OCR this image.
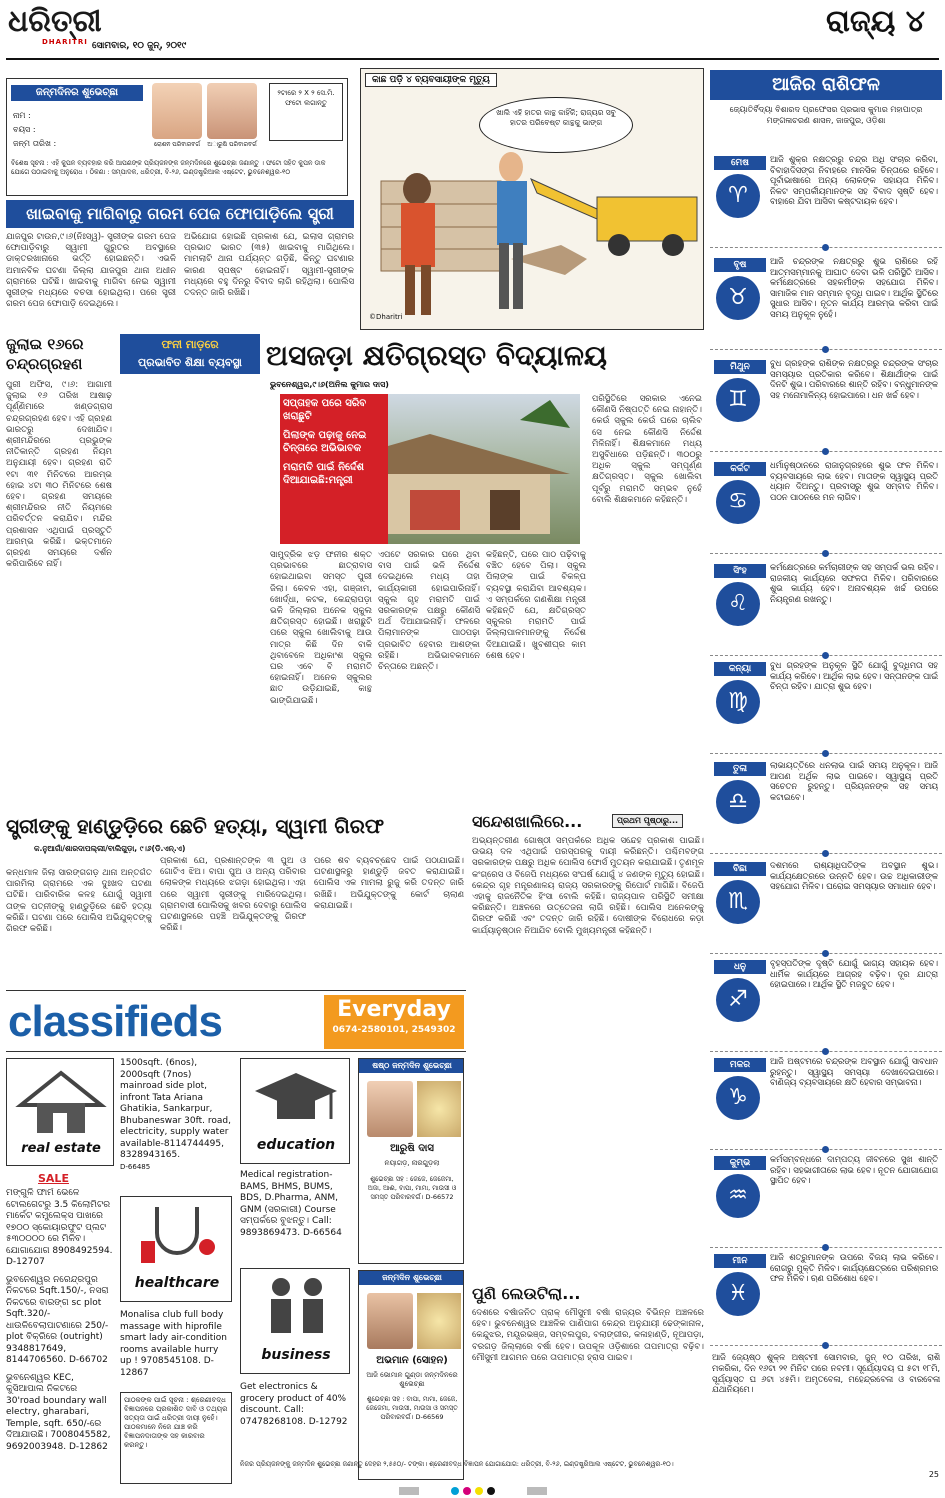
ଧରିତ୍ରୀ
DHARITRI ସୋମବାର, ୧୦ ଜୁନ୍, ୨୦୧୯
ରାଜ୍ୟ ୪
ଜନ୍ମଦିନର ଶୁଭେଚ୍ଛା
ନାମ :
ବୟସ :
ଜନ୍ମ ତାରିଖ :	ରୋଶନ ପରିବାରବର୍ଗ	ଅାରୁଷି ପରିବାରବର୍ଗ
୨ଟାରେ ୨ X ୨ ସେ.ମି. ଫଟୋ ଲଗାନ୍ତୁ
ବିଶେଷ ସୂଚନା : ଏହି କୁପନ ବ୍ୟବହାର କରି ଆପଣଙ୍କ ପ୍ରିୟଜନଙ୍କ ଜନ୍ମଦିନରେ ଶୁଭେଚ୍ଛା ଜଣାନ୍ତୁ । ଫଟୋ ସହିତ କୁପନ ଡାକ ଯୋଗେ ପଠାଇବାକୁ ଅନୁରୋଧ । ଠିକଣା : ସମ୍ପାଦକ, ଧରିତ୍ରୀ, ବି-୨୬, ଇଣ୍ଡଷ୍ଟ୍ରିଆଲ ଏଷ୍ଟେଟ, ଭୁବନେଶ୍ୱର-୧୦
କାଛ ପଡ଼ି ୪ ବ୍ୟବସାୟୀଙ୍କ ମୃତ୍ୟୁ
ଖାଲି ଏହି ହାତର କାନ୍ଥ କାହିଁକି; ରାଜ୍ୟର ସବୁ ହାତର ପରିବେଷ୍ଟ କାନ୍ଥକୁ ଭାଙ୍ଗ
©Dharitri
ଖାଇବାକୁ ମାଗିବାରୁ ଗରମ ପେଜ ଫୋପାଡ଼ିଲେ ସ୍ତ୍ରୀ
ଯାଜପୁର ଟାଉନ,୯।୬(ନିଃସ୍ୱ)- ସ୍ତ୍ରୀଙ୍କ ଗରମ ପେଜ ଫୋପାଡ଼ିବାରୁ ସ୍ୱାମୀ ଗୁରୁତର ଅବସ୍ଥାରେ ଡାକ୍ତରଖାନାରେ ଭର୍ତ୍ତି ହୋଇଛନ୍ତି। ଏଭଳି ଅମାନବିକ ଘଟଣା ଜିଲ୍ଲା ଯାଜପୁର ଥାନା ଅଧୀନ ଗ୍ରାମରେ ଘଟିଛି। ଖାଇବାକୁ ମାଗିବା ନେଇ ସ୍ୱାମୀ ସ୍ତ୍ରୀଙ୍କ ମଧ୍ୟରେ ବଚସା ହୋଇଥିଲା। ପରେ ସ୍ତ୍ରୀ ଗରମ ପେଜ ଫୋପାଡ଼ି ଦେଇଥିଲେ।
ଅଭିଯୋଗ ହୋଇଛି ପ୍ରକାଶ ଯେ, ଇଲାସ ଗ୍ରାମର ପ୍ରଭାତ ଭାରତ (୩୫) ଖାଇବାକୁ ମାଗିଥିଲେ। ମାମଲାଟି ଥାନା ପର୍ଯ୍ୟନ୍ତ ଗଡ଼ିଛି, କିନ୍ତୁ ଘଟଣାର କାରଣ ସ୍ପଷ୍ଟ ହୋଇନାହିଁ। ସ୍ୱାମୀ-ସ୍ତ୍ରୀଙ୍କ ମଧ୍ୟରେ ବହୁ ଦିନରୁ ବିବାଦ ଲାଗି ରହିଥିଲା। ପୋଲିସ ତଦନ୍ତ ଜାରି ରଖିଛି।
ଜୁଲାଇ ୧୬ରେ ଚନ୍ଦ୍ରଗ୍ରହଣ
ପୁରୀ ଅଫିସ, ୯।୬: ଆଗାମୀ ଜୁଲାଇ ୧୬ ତାରିଖ ଆଷାଢ଼ ପୂର୍ଣ୍ଣିମାରେ ଖଣ୍ଡଗ୍ରାସ ଚନ୍ଦ୍ରଗ୍ରହଣ ହେବ। ଏହି ଗ୍ରହଣ ଭାରତରୁ ଦେଖାଯିବ। ଶ୍ରୀମନ୍ଦିରରେ ପ୍ରଭୁଙ୍କ ନୀତିକାନ୍ତି ଗ୍ରହଣ ନିୟମ ଅନୁଯାୟୀ ହେବ। ଗ୍ରହଣ ରାତି ୧ଟା ୩୧ ମିନିଟରେ ଆରମ୍ଭ ହୋଇ ୪ଟା ୩୦ ମିନିଟରେ ଶେଷ ହେବ। ଗ୍ରହଣ ସମୟରେ ଶ୍ରୀମନ୍ଦିରର ନୀତି ନିୟମରେ ପରିବର୍ତ୍ତନ କରାଯିବ। ମନ୍ଦିର ପ୍ରଶାସନ ଏଥିପାଇଁ ପ୍ରସ୍ତୁତି ଆରମ୍ଭ କରିଛି। ଭକ୍ତମାନେ ଗ୍ରହଣ ସମୟରେ ଦର୍ଶନ କରିପାରିବେ ନାହିଁ।
ଫନୀ ମାଡ଼ରେ
ପ୍ରଭାବିତ ଶିକ୍ଷା ବ୍ୟବସ୍ଥା ଅସଜଡ଼ା କ୍ଷତିଗ୍ରସ୍ତ ବିଦ୍ୟାଳୟ
ଭୁବନେଶ୍ୱର,୯।୬(ଅନିଲ କୁମାର ଦାସ)
ସପ୍ତାହକ ପରେ ସରିବ ଖରାଛୁଟି
ପିଲାଙ୍କ ପଢ଼ାକୁ ନେଇ ଚିନ୍ତାରେ ଅଭିଭାବକ
ମରାମତି ପାଇଁ ନିର୍ଦ୍ଦେଶ ଦିଆଯାଇଛି:ମନ୍ତ୍ରୀ
ସାମୁଦ୍ରିକ ଝଡ଼ ଫନୀର ଶକ୍ତ ପ୍ରଭାବରେ ଛାତ୍ରାବାସ ହୋଇଥାଇବା ସମସ୍ତ ପୁରୀ ଜିଲା। କେବଳ ଏହା, ଗଞ୍ଜାମ, ଖୋର୍ଦ୍ଧା, କଟକ, କେନ୍ଦ୍ରାପଡ଼ା ଭଳି ଜିଲ୍ଲାର ଅନେକ ସ୍କୁଲ କ୍ଷତିଗ୍ରସ୍ତ ହୋଇଛି। ଖରାଛୁଟି ପରେ ସ୍କୁଲ ଖୋଲିବାକୁ ଆଉ ମାତ୍ର କିଛି ଦିନ ବାକି ଥିବାବେଳେ ଅଧିକାଂଶ ସ୍କୁଲ ଘର ଏବେ ବି ମରାମତି ହୋଇନାହିଁ। ଅନେକ ସ୍କୁଲର ଛାତ ଉଡ଼ିଯାଇଛି, କାନ୍ଥ ଭାଙ୍ଗିଯାଇଛି।
ଏପଟେ ସରକାର ଘରେ ଥିବା ବାସ ପାଇଁ ଭଳି ନିର୍ଦ୍ଦେଶ ଦେଇଥିଲେ ମଧ୍ୟ ତାହା କାର୍ଯ୍ୟକାରୀ ହୋଇପାରିନାହିଁ। ସ୍କୁଲ ଗୃହ ମରାମତି ପାଇଁ ସରକାରଙ୍କ ପକ୍ଷରୁ କୌଣସି ଅର୍ଥ ଦିଆଯାଇନାହିଁ। ଫଳରେ ପିଲାମାନଙ୍କ ପାଠପଢ଼ା ପ୍ରଭାବିତ ହେବାର ଆଶଙ୍କା ରହିଛି। ଅଭିଭାବକମାନେ ଚିନ୍ତାରେ ଅଛନ୍ତି।
କହିଛନ୍ତି, ଘରେ ପାଠ ପଢ଼ିବାକୁ ବଞ୍ଚିତ ହେବେ ପିଲା। ସ୍କୁଲ ପିଲାଙ୍କ ପାଇଁ ବିକଳ୍ପ ବ୍ୟବସ୍ଥା କରାଯିବା ଆବଶ୍ୟକ। ଏ ସମ୍ପର୍କରେ ଗଣଶିକ୍ଷା ମନ୍ତ୍ରୀ କହିଛନ୍ତି ଯେ, କ୍ଷତିଗ୍ରସ୍ତ ସ୍କୁଲର ମରାମତି ପାଇଁ ଜିଲ୍ଲାପାଳମାନଙ୍କୁ ନିର୍ଦ୍ଦେଶ ଦିଆଯାଇଛି। ଖୁବଶୀଘ୍ର କାମ ଶେଷ ହେବ।
ପରିସ୍ଥିତିରେ ସରକାର ଏନେଇ କୌଣସି ନିଷ୍ପତ୍ତି ନେଇ ନାହାନ୍ତି। କେଉଁ ସ୍କୁଲ କେଉଁ ଘରେ ଚାଲିବ ସେ ନେଇ କୌଣସି ନିର୍ଦ୍ଦେଶ ମିଳିନାହିଁ। ଶିକ୍ଷକମାନେ ମଧ୍ୟ ଅସୁବିଧାରେ ପଡ଼ିଛନ୍ତି। ୩୦୦ରୁ ଅଧିକ ସ୍କୁଲ ସମ୍ପୂର୍ଣ୍ଣ କ୍ଷତିଗ୍ରସ୍ତ। ସ୍କୁଲ ଖୋଲିବା ପୂର୍ବରୁ ମରାମତି ସମ୍ଭବ ନୁହେଁ ବୋଲି ଶିକ୍ଷକମାନେ କହିଛନ୍ତି।
ସ୍ତ୍ରୀଙ୍କୁ ହାଣ୍ଡୁଡ଼ିରେ ଛେଚି ହତ୍ୟା, ସ୍ୱାମୀ ଗିରଫ
କ.ନୁଆଗାଁ/ଶାରଦାପଲ୍ଲୀ/ବାଲିଗୁଡ଼ା, ୯।୬(ଡି.ଏନ୍.ଏ)
କନ୍ଧମାଳ ଜିଲା ସାରଙ୍ଗଗଡ଼ ଥାନା ଅନ୍ତର୍ଗତ ପାରମିଲା ଗ୍ରାମରେ ଏକ ଦୁଃଖଦ ଘଟଣା ଘଟିଛି। ପାରିବାରିକ କଳହ ଯୋଗୁଁ ସ୍ୱାମୀ ତାଙ୍କ ପତ୍ନୀଙ୍କୁ ହାଣ୍ଡୁଡ଼ିରେ ଛେଚି ହତ୍ୟା କରିଛି। ଘଟଣା ପରେ ପୋଲିସ ଅଭିଯୁକ୍ତଙ୍କୁ ଗିରଫ କରିଛି।
ପ୍ରକାଶ ଯେ, ପ୍ରଶାନ୍ତଙ୍କ ୩ ପୁଅ ଓ ଗୋଟିଏ ଝିଅ। ବାପା ପୁଅ ଓ ଅନ୍ୟ ପରିବାର ଲୋକଙ୍କ ମଧ୍ୟରେ ଝଗଡ଼ା ହୋଇଥିଲା। ଏହା ପରେ ସ୍ୱାମୀ ସ୍ତ୍ରୀଙ୍କୁ ମାରିଦେଇଥିଲା। ଗ୍ରାମବାସୀ ପୋଲିସକୁ ଖବର ଦେବାରୁ ପୋଲିସ ଘଟଣାସ୍ଥଳରେ ପହଞ୍ଚି ଅଭିଯୁକ୍ତଙ୍କୁ ଗିରଫ କରିଛି।
ପରେ ଶବ ବ୍ୟବଚ୍ଛେଦ ପାଇଁ ପଠାଯାଇଛି। ଘଟଣାସ୍ଥଳରୁ ହାଣ୍ଡୁଡ଼ି ଜବତ କରାଯାଇଛି। ପୋଲିସ ଏକ ମାମଲା ରୁଜୁ କରି ତଦନ୍ତ ଜାରି ରଖିଛି। ଅଭିଯୁକ୍ତଙ୍କୁ କୋର୍ଟ ଚାଲାଣ କରାଯାଇଛି।
ସନ୍ଦେଶଖାଲିରେ...	ପ୍ରଥମ ପୃଷ୍ଠାରୁ...
ଅଭ୍ୟନ୍ତରୀଣ ଗୋଷ୍ଠୀ ସମ୍ପର୍କରେ ଅଧିକ ସନ୍ଦେହ ପ୍ରକାଶ ପାଇଛି। ଉଭୟ ଦଳ ଏଥିପାଇଁ ପରସ୍ପରକୁ ଦାୟୀ କରିଛନ୍ତି। ପଶ୍ଚିମବଙ୍ଗ ସରକାରଙ୍କ ପକ୍ଷରୁ ଅଧିକ ପୋଲିସ ଫୋର୍ସ ମୁତୟନ କରାଯାଇଛି। ତୃଣମୂଳ କଂଗ୍ରେସ ଓ ବିଜେପି ମଧ୍ୟରେ ସଂଘର୍ଷ ଯୋଗୁଁ ୪ ଜଣଙ୍କ ମୃତ୍ୟୁ ହୋଇଛି। କେନ୍ଦ୍ର ଗୃହ ମନ୍ତ୍ରଣାଳୟ ରାଜ୍ୟ ସରକାରଙ୍କୁ ରିପୋର୍ଟ ମାଗିଛି। ବିଜେପି ଏହାକୁ ରାଜନୈତିକ ହିଂସା ବୋଲି କହିଛି। ରାଜ୍ୟପାଳ ପରିସ୍ଥିତି ସମୀକ୍ଷା କରିଛନ୍ତି। ଅଞ୍ଚଳରେ ଉତ୍ତେଜନା ଲାଗି ରହିଛି। ପୋଲିସ ଅନେକଙ୍କୁ ଗିରଫ କରିଛି ଏବଂ ତଦନ୍ତ ଜାରି ରହିଛି। ଦୋଷୀଙ୍କ ବିରୋଧରେ କଡ଼ା କାର୍ଯ୍ୟାନୁଷ୍ଠାନ ନିଆଯିବ ବୋଲି ମୁଖ୍ୟମନ୍ତ୍ରୀ କହିଛନ୍ତି।
ପୁଣି ଲେଉଟିଲା...
ଦେଶରେ ବର୍ଷାଜନିତ ପ୍ରାକ୍ ମୌସୁମୀ ବର୍ଷା ରାଜ୍ୟର ବିଭିନ୍ନ ଅଞ୍ଚଳରେ ହେବ। ଭୁବନେଶ୍ୱର ଆଞ୍ଚଳିକ ପାଣିପାଗ କେନ୍ଦ୍ର ଅନୁଯାୟୀ ଢେଙ୍କାନାଳ, କେନ୍ଦୁଝର, ମୟୂରଭଞ୍ଜ, ସମ୍ବଲପୁର, ବଲାଙ୍ଗୀର, କଳାହାଣ୍ଡି, ନୂଆପଡ଼ା, ବରଗଡ଼ ଜିଲ୍ଲାରେ ବର୍ଷା ହେବ। ଉପକୂଳ ଓଡ଼ିଶାରେ ତାପମାତ୍ରା ବଢ଼ିବ। ମୌସୁମୀ ଆଗମନ ପରେ ତାପମାତ୍ରା ହ୍ରାସ ପାଇବ।
classifieds	Everyday
0674-2580101, 2549302
real estate
SALE

ମଙ୍ଗୁଳି ଫାର୍ମ ଭେଳେ ଟୋଲଗେଟରୁ 3.5 କିଲୋମିଟର ମାର୍କେଟ କମ୍ପ୍ଲେକ୍ସ ପାଖରେ ୧୭୦୦ ସ୍କୋୟାରଫୁଟ ପ୍ଲଟ ୫୩୦୦୦୦ ରେ ମିଳିବ। ଯୋଗାଯୋଗ 8908492594. D-12707

ଭୁବନେଶ୍ୱର ନରେନ୍ଦ୍ରପୁର ନିକଟରେ Sqft.150/-, ନସରା ନିକଟରେ ବାରଙ୍ଗ sc plot Sqft.320/- ଧାଉଳିବେଲାପାଟଣାରେ 250/- plot ବିକ୍ରିରେ (outright) 9348817649, 8144706560. D-66702

ଭୁବନେଶ୍ୱର KEC, କୁସିଆପାଲ ନିକଟରେ 30'road boundary wall electry, gharabari, Temple, sqft. 650/-ରେ ଦିଆଯାଉଛି। 7008045582, 9692003948. D-12862

1500sqft. (6nos), 2000sqft (7nos) mainroad side plot, infront Tata Ariana Ghatikia, Sankarpur, Bhubaneswar 30ft. road, electricity, supply water available-8114744495, 8328943165.

D-66485

healthcare
Monalisa club full body massage with hiprofile smart lady air-condition rooms available hurry up ! 9708545108. D-12867
ପାଠକଙ୍କ ପାଇଁ ସୂଚନା : ଶ୍ରେଣୀବଦ୍ଧ ବିଜ୍ଞାପନରେ ପ୍ରକାଶିତ ଦାବି ଓ ତଥ୍ୟର ସତ୍ୟତା ପାଇଁ ଧରିତ୍ରୀ ଦାୟୀ ନୁହେଁ। ପାଠକମାନେ ନିଜେ ଯାଞ୍ଚ କରି ବିଜ୍ଞାପନଦାତାଙ୍କ ସହ କାରବାର କରନ୍ତୁ।
education
Medical registration-BAMS, BHMS, BUMS, BDS, D.Pharma, ANM, GNM (ସରକାରୀ) Course ସମ୍ପର୍କରେ ବୁଝନ୍ତୁ। Call: 9893869473. D-66564
business
Get electronics & grocery product of 40% discount. Call: 07478268108. D-12792
ଷଷ୍ଠ ଜନ୍ମଦିନ ଶୁଭେଚ୍ଛା
ଆରୁଷି ଦାସ
ନୟାଗଡ଼, ନାରଗୁଡ଼ଲା
ଶୁଭେଚ୍ଛା ସହ : ଜେଜେ, ଜେଜେମା, ଅଜା, ଆଈ, ବାପା, ମାମା, ମାଉସୀ ଓ ସମସ୍ତ ପରିବାରବର୍ଗ। D-66572
ଜନ୍ମଦିନ ଶୁଭେଚ୍ଛା
ଅଭମାନ (ସୋହନ)
ଆଜି ଭୋମାନ ଗୁଣ୍ଡା ଜନ୍ମଦିନରେ ଶୁଭେଚ୍ଛା
ଶୁଭେଚ୍ଛା ସହ : ବାପା, ମାମା, ଜେଜେ, ଜେଜେମା, ମାଉସୀ, ମାଉସା ଓ ସମସ୍ତ ପରିବାରବର୍ଗ। D-66569
ନିଜର ପ୍ରିୟଜନଙ୍କୁ ଜନ୍ମଦିନ ଶୁଭେଚ୍ଛା ଜଣାନ୍ତୁ ଦେହର ୨,୫୫୦/- ଟଙ୍କା। ଶ୍ରେଣୀବଦ୍ଧ ବିଜ୍ଞାପନ ଯୋଗାଯୋଗ: ଧରିତ୍ରୀ, ବି-୨୬, ଇଣ୍ଡଷ୍ଟ୍ରିଆଲ ଏଷ୍ଟେଟ, ଭୁବନେଶ୍ୱର-୧୦।
ଆଜିର ରାଶିଫଳ
ଜ୍ୟୋତିର୍ବିଦ୍ୟା ବିଶାରଦ ପ୍ରଫେସର ପ୍ରଭାସ କୁମାର ମହାପାତ୍ର ମଙ୍ଗଳାଚରଣ ଶାସନ, ଜାଜପୁର, ଓଡ଼ିଶା
ମେଷ
♈
ଆଜି ଶୁକ୍ର ନକ୍ଷତ୍ରରୁ ଚନ୍ଦ୍ର ଅଧି ସଂଚାର କରିବା, ବିବାହାଦିସଙ୍ଗ ନିବାହରେ ମାନସିକ ଚିନ୍ତାରେ ରହିବେ। ପୂର୍ବାଭାଷାରେ ଅନ୍ୟ ଲୋକଙ୍କ ସହାୟତା ମିଳିବ। ନିକଟ ସମ୍ପର୍କୀୟମାନଙ୍କ ସହ ବିବାଦ ସୃଷ୍ଟି ହେବ। ବାହାରେ ଯିବା ଆସିବା କଷ୍ଟଦାୟକ ହେବ।
ବୃଷ
♉
ଆଜି ଚନ୍ଦ୍ରଙ୍କ ନକ୍ଷତ୍ରରୁ ଶୁଭ ରାଶିରେ ରହି ଆତ୍ମସମ୍ମାନକୁ ଆଘାତ ଦେବା ଭଳି ପରିସ୍ଥିତି ଆସିବ। କର୍ମକ୍ଷେତ୍ରରେ ସହକର୍ମୀଙ୍କ ସହଯୋଗ ମିଳିବ। ସାମାଜିକ ମାନ ସମ୍ମାନ ବୃଦ୍ଧି ପାଇବ। ଆର୍ଥିକ ସ୍ଥିତିରେ ସୁଧାର ଆସିବ। ନୂତନ କାର୍ଯ୍ୟ ଆରମ୍ଭ କରିବା ପାଇଁ ସମୟ ଅନୁକୂଳ ନୁହେଁ।
ମିଥୁନ
♊
ବୁଧ ଗ୍ରହଙ୍କ ରାଶିଙ୍କ ନକ୍ଷତ୍ରରୁ ଚନ୍ଦ୍ରଙ୍କ ସଂଚାର ସମସ୍ୟାର ପ୍ରତିକାର କରିବେ। ଶିକ୍ଷାର୍ଥୀଙ୍କ ପାଇଁ ଦିନଟି ଶୁଭ। ପରିବାରରେ ଶାନ୍ତି ରହିବ। ବନ୍ଧୁମାନଙ୍କ ସହ ମନୋମାଳିନ୍ୟ ହୋଇପାରେ। ଧନ ଖର୍ଚ୍ଚ ହେବ।
କର୍କଟ
♋
ଧର୍ମାନୁଷ୍ଠାନରେ ରାଜାନୁଗ୍ରହରେ ଶୁଭ ଫଳ ମିଳିବ। ବ୍ୟବସାୟରେ ଲାଭ ହେବ। ମାତାଙ୍କ ସ୍ୱାସ୍ଥ୍ୟ ପ୍ରତି ଧ୍ୟାନ ଦିଅନ୍ତୁ। ପ୍ରବାସରୁ ଶୁଭ ସମ୍ବାଦ ମିଳିବ। ପଠନ ପାଠନରେ ମନ ଲାଗିବ।
ସିଂହ
♌
କର୍ମକ୍ଷେତ୍ରରେ କର୍ମଚାରୀଙ୍କ ସହ ସମ୍ପର୍କ ଭଲ ରହିବ। ରାଜକୀୟ କାର୍ଯ୍ୟରେ ସଫଳତା ମିଳିବ। ପରିବାରରେ ଶୁଭ କାର୍ଯ୍ୟ ହେବ। ଅନାବଶ୍ୟକ ଖର୍ଚ୍ଚ ଉପରେ ନିୟନ୍ତ୍ରଣ ରଖନ୍ତୁ।
କନ୍ୟା
♍
ବୁଧ ଗ୍ରହଙ୍କ ଅନୁକୂଳ ସ୍ଥିତି ଯୋଗୁଁ ବୁଦ୍ଧିମତା ସହ କାର୍ଯ୍ୟ କରିବେ। ଆର୍ଥିକ ଲାଭ ହେବ। ସନ୍ତାନଙ୍କ ପାଇଁ ଚିନ୍ତା ରହିବ। ଯାତ୍ରା ଶୁଭ ହେବ।
ତୁଳା
♎
ଲାଭାୟତ୍ତିରେ ଧନଲାଭ ପାଇଁ ସମୟ ଅନୁକୂଳ। ଆଜି ଆପଣ ଅର୍ଥିକ ଲାଭ ପାଇବେ। ସ୍ୱାସ୍ଥ୍ୟ ପ୍ରତି ସଚେତନ ରୁହନ୍ତୁ। ପ୍ରିୟଜନଙ୍କ ସହ ସମୟ କଟାଇବେ।
ବିଛା
♏
ଦଶମରେ ରାଶ୍ୟାଧିପତିଙ୍କ ଅବସ୍ଥାନ ଶୁଭ। କାର୍ଯ୍ୟକ୍ଷେତ୍ରରେ ଉନ୍ନତି ହେବ। ଉଚ୍ଚ ଅଧିକାରୀଙ୍କ ସହଯୋଗ ମିଳିବ। ଘରୋଇ ସମସ୍ୟାର ସମାଧାନ ହେବ।
ଧନୁ
♐
ବୃହସ୍ପତିଙ୍କ ଦୃଷ୍ଟି ଯୋଗୁଁ ଭାଗ୍ୟ ସହାୟକ ହେବ। ଧାର୍ମିକ କାର୍ଯ୍ୟରେ ଆଗ୍ରହ ବଢ଼ିବ। ଦୂର ଯାତ୍ରା ହୋଇପାରେ। ଆର୍ଥିକ ସ୍ଥିତି ମଜବୁତ ହେବ।
ମକର
♑
ଆଜି ଅଷ୍ଟମରେ ଚନ୍ଦ୍ରଙ୍କ ଅବସ୍ଥାନ ଯୋଗୁଁ ସାବଧାନ ରୁହନ୍ତୁ। ସ୍ୱାସ୍ଥ୍ୟ ସମସ୍ୟା ଦେଖାଦେଇପାରେ। ବାଣିଜ୍ୟ ବ୍ୟବସାୟରେ କ୍ଷତି ହେବାର ସମ୍ଭାବନା।
କୁମ୍ଭ
♒
କର୍ମସମ୍ବନ୍ଧରେ ଦାମ୍ପତ୍ୟ ଜୀବନରେ ସୁଖ ଶାନ୍ତି ରହିବ। ସହଭାଗୀତାରେ ଲାଭ ହେବ। ନୂତନ ଯୋଗାଯୋଗ ସ୍ଥାପିତ ହେବ।
ମୀନ
♓
ଆଜି ଶତ୍ରୁମାନଙ୍କ ଉପରେ ବିଜୟ ଲାଭ କରିବେ। ରୋଗରୁ ମୁକ୍ତି ମିଳିବ। କାର୍ଯ୍ୟକ୍ଷେତ୍ରରେ ପରିଶ୍ରମର ଫଳ ମିଳିବ। ଋଣ ପରିଶୋଧ ହେବ।
ଆଜି ଜ୍ୟେଷ୍ଠ ଶୁକ୍ଳ ଅଷ୍ଟମୀ ସୋମବାର, ଜୁନ୍ ୧୦ ତାରିଖ, ରାଶି ମକରିକା, ଦିନ ୧୬ଟା ୨୧ ମିନିଟ ପରେ ନବମୀ। ସୂର୍ଯ୍ୟୋଦୟ ଘ ୫ଟା ୧୮ମି, ସୂର୍ଯ୍ୟାସ୍ତ ଘ ୬ଟା ୪୫ମି। ଅମୃତବେଳା, ମହେନ୍ଦ୍ରବେଳା ଓ ବାରବେଳା ଯଥାନିୟମେ।

25
